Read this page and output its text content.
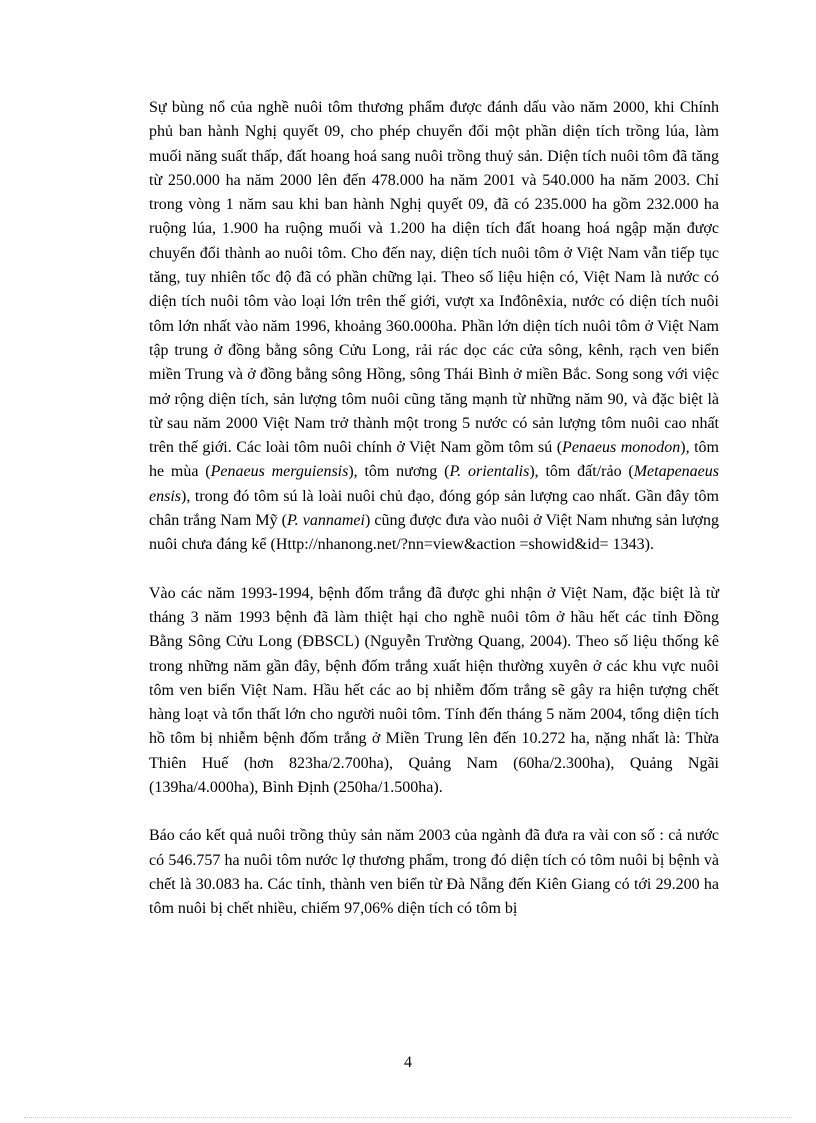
Sự bùng nổ của nghề nuôi tôm thương phẩm được đánh dấu vào năm 2000, khi Chính phủ ban hành Nghị quyết 09, cho phép chuyển đổi một phần diện tích trồng lúa, làm muối năng suất thấp, đất hoang hoá sang nuôi trồng thuỷ sản. Diện tích nuôi tôm đã tăng từ 250.000 ha năm 2000 lên đến 478.000 ha năm 2001 và 540.000 ha năm 2003. Chỉ trong vòng 1 năm sau khi ban hành Nghị quyết 09, đã có 235.000 ha gồm 232.000 ha ruộng lúa, 1.900 ha ruộng muối và 1.200 ha diện tích đất hoang hoá ngập mặn được chuyển đổi thành ao nuôi tôm. Cho đến nay, diện tích nuôi tôm ở Việt Nam vẫn tiếp tục tăng, tuy nhiên tốc độ đã có phần chững lại. Theo số liệu hiện có, Việt Nam là nước có diện tích nuôi tôm vào loại lớn trên thế giới, vượt xa Inđônêxia, nước có diện tích nuôi tôm lớn nhất vào năm 1996, khoảng 360.000ha. Phần lớn diện tích nuôi tôm ở Việt Nam tập trung ở đồng bằng sông Cửu Long, rải rác dọc các cửa sông, kênh, rạch ven biển miền Trung và ở đồng bằng sông Hồng, sông Thái Bình ở miền Bắc. Song song với việc mở rộng diện tích, sản lượng tôm nuôi cũng tăng mạnh từ những năm 90, và đặc biệt là từ sau năm 2000 Việt Nam trở thành một trong 5 nước có sản lượng tôm nuôi cao nhất trên thế giới. Các loài tôm nuôi chính ở Việt Nam gồm tôm sú (Penaeus monodon), tôm he mùa (Penaeus merguiensis), tôm nương (P. orientalis), tôm đất/rảo (Metapenaeus ensis), trong đó tôm sú là loài nuôi chủ đạo, đóng góp sản lượng cao nhất. Gần đây tôm chân trắng Nam Mỹ (P. vannamei) cũng được đưa vào nuôi ở Việt Nam nhưng sản lượng nuôi chưa đáng kể (Http://nhanong.net/?nn=view&action =showid&id= 1343).

Vào các năm 1993-1994, bệnh đốm trắng đã được ghi nhận ở Việt Nam, đặc biệt là từ tháng 3 năm 1993 bệnh đã làm thiệt hại cho nghề nuôi tôm ở hầu hết các tỉnh Đồng Bằng Sông Cửu Long (ĐBSCL) (Nguyễn Trường Quang, 2004). Theo số liệu thống kê trong những năm gần đây, bệnh đốm trắng xuất hiện thường xuyên ở các khu vực nuôi tôm ven biển Việt Nam. Hầu hết các ao bị nhiễm đốm trắng sẽ gây ra hiện tượng chết hàng loạt và tổn thất lớn cho người nuôi tôm. Tính đến tháng 5 năm 2004, tổng diện tích hồ tôm bị nhiễm bệnh đốm trắng ở Miền Trung lên đến 10.272 ha, nặng nhất là: Thừa Thiên Huế (hơn 823ha/2.700ha), Quảng Nam (60ha/2.300ha), Quảng Ngãi (139ha/4.000ha), Bình Định (250ha/1.500ha).

Báo cáo kết quả nuôi trồng thủy sản năm 2003 của ngành đã đưa ra vài con số : cả nước có 546.757 ha nuôi tôm nước lợ thương phẩm, trong đó diện tích có tôm nuôi bị bệnh và chết là 30.083 ha. Các tỉnh, thành ven biển từ Đà Nẵng đến Kiên Giang có tới 29.200 ha tôm nuôi bị chết nhiều, chiếm 97,06% diện tích có tôm bị

4
